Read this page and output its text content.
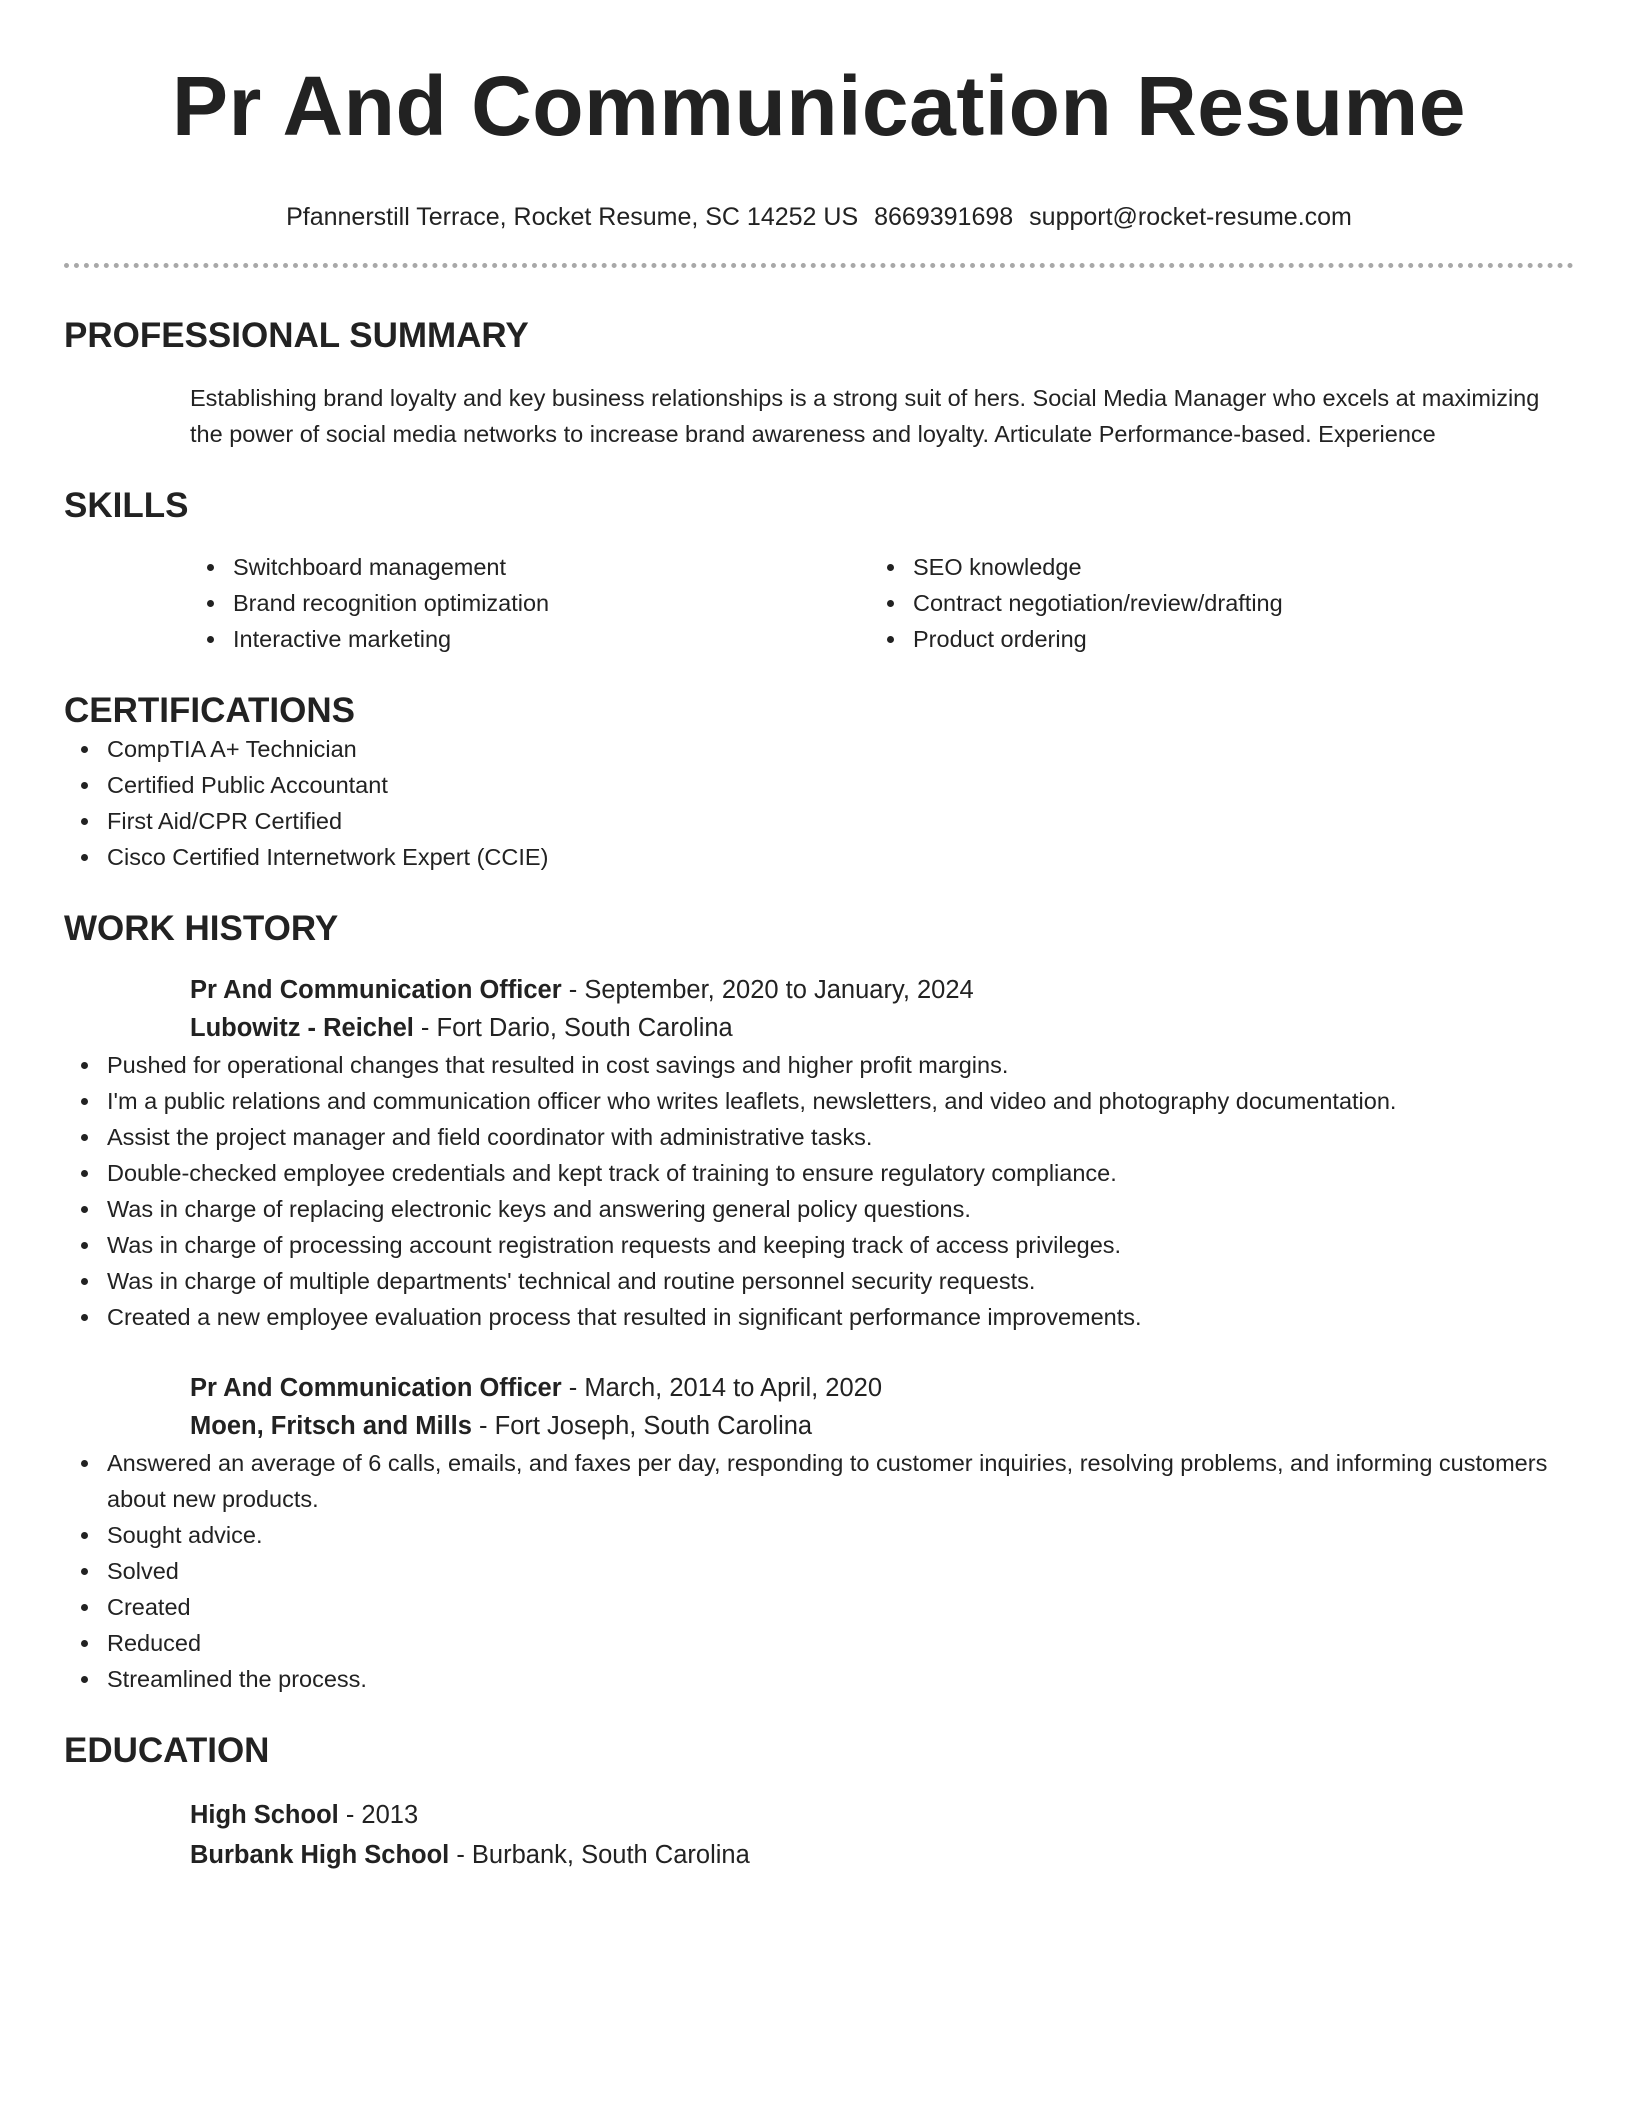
Pr And Communication Resume
Pfannerstill Terrace, Rocket Resume, SC 14252 US 8669391698 support@rocket-resume.com
PROFESSIONAL SUMMARY
Establishing brand loyalty and key business relationships is a strong suit of hers. Social Media Manager who excels at maximizing the power of social media networks to increase brand awareness and loyalty. Articulate Performance-based. Experience
SKILLS
Switchboard management
Brand recognition optimization
Interactive marketing
SEO knowledge
Contract negotiation/review/drafting
Product ordering
CERTIFICATIONS
CompTIA A+ Technician
Certified Public Accountant
First Aid/CPR Certified
Cisco Certified Internetwork Expert (CCIE)
WORK HISTORY
Pr And Communication Officer - September, 2020 to January, 2024
Lubowitz - Reichel - Fort Dario, South Carolina
Pushed for operational changes that resulted in cost savings and higher profit margins.
I'm a public relations and communication officer who writes leaflets, newsletters, and video and photography documentation.
Assist the project manager and field coordinator with administrative tasks.
Double-checked employee credentials and kept track of training to ensure regulatory compliance.
Was in charge of replacing electronic keys and answering general policy questions.
Was in charge of processing account registration requests and keeping track of access privileges.
Was in charge of multiple departments' technical and routine personnel security requests.
Created a new employee evaluation process that resulted in significant performance improvements.
Pr And Communication Officer - March, 2014 to April, 2020
Moen, Fritsch and Mills - Fort Joseph, South Carolina
Answered an average of 6 calls, emails, and faxes per day, responding to customer inquiries, resolving problems, and informing customers about new products.
Sought advice.
Solved
Created
Reduced
Streamlined the process.
EDUCATION
High School - 2013
Burbank High School - Burbank, South Carolina
